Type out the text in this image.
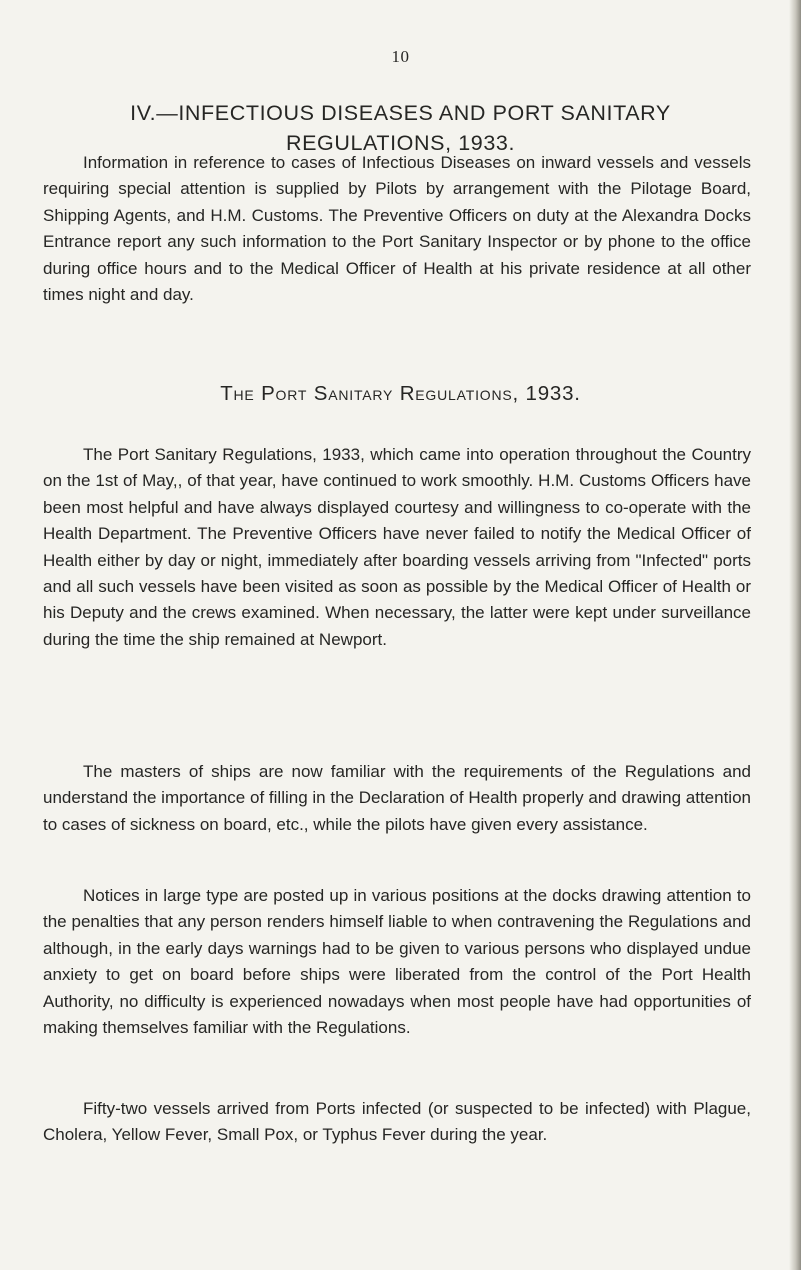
10
IV.—INFECTIOUS DISEASES AND PORT SANITARY
REGULATIONS, 1933.

Information in reference to cases of Infectious Diseases on inward vessels and vessels requiring special attention is supplied by Pilots by arrangement with the Pilotage Board, Shipping Agents, and H.M. Customs. The Preventive Officers on duty at the Alexandra Docks Entrance report any such information to the Port Sanitary Inspector or by phone to the office during office hours and to the Medical Officer of Health at his private residence at all other times night and day.

The Port Sanitary Regulations, 1933.

The Port Sanitary Regulations, 1933, which came into operation throughout the Country on the 1st of May,, of that year, have continued to work smoothly. H.M. Customs Officers have been most helpful and have always displayed courtesy and willingness to co-operate with the Health Department. The Preventive Officers have never failed to notify the Medical Officer of Health either by day or night, immediately after boarding vessels arriving from "Infected" ports and all such vessels have been visited as soon as possible by the Medical Officer of Health or his Deputy and the crews examined. When necessary, the latter were kept under surveillance during the time the ship remained at Newport.

The masters of ships are now familiar with the requirements of the Regulations and understand the importance of filling in the Declaration of Health properly and drawing attention to cases of sickness on board, etc., while the pilots have given every assistance.

Notices in large type are posted up in various positions at the docks drawing attention to the penalties that any person renders himself liable to when contravening the Regulations and although, in the early days warnings had to be given to various persons who displayed undue anxiety to get on board before ships were liberated from the control of the Port Health Authority, no difficulty is experienced nowadays when most people have had opportunities of making themselves familiar with the Regulations.

Fifty-two vessels arrived from Ports infected (or suspected to be infected) with Plague, Cholera, Yellow Fever, Small Pox, or Typhus Fever during the year.
